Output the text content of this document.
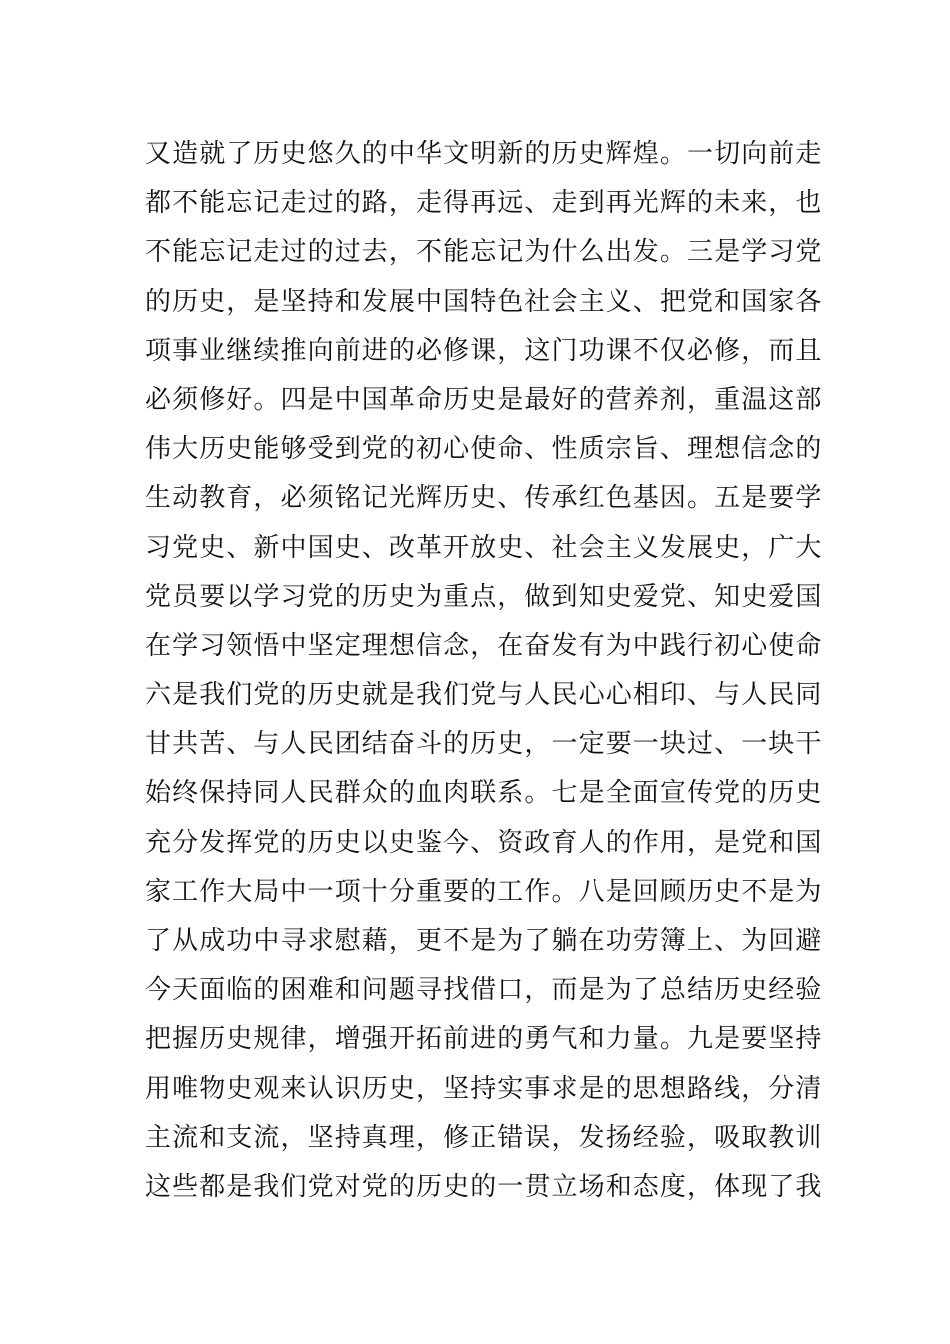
又造就了历史悠久的中华文明新的历史辉煌。一切向前走
都不能忘记走过的路，走得再远、走到再光辉的未来，也
不能忘记走过的过去，不能忘记为什么出发。三是学习党
的历史，是坚持和发展中国特色社会主义、把党和国家各
项事业继续推向前进的必修课，这门功课不仅必修，而且
必须修好。四是中国革命历史是最好的营养剂，重温这部
伟大历史能够受到党的初心使命、性质宗旨、理想信念的
生动教育，必须铭记光辉历史、传承红色基因。五是要学
习党史、新中国史、改革开放史、社会主义发展史，广大
党员要以学习党的历史为重点，做到知史爱党、知史爱国
在学习领悟中坚定理想信念，在奋发有为中践行初心使命
六是我们党的历史就是我们党与人民心心相印、与人民同
甘共苦、与人民团结奋斗的历史，一定要一块过、一块干
始终保持同人民群众的血肉联系。七是全面宣传党的历史
充分发挥党的历史以史鉴今、资政育人的作用，是党和国
家工作大局中一项十分重要的工作。八是回顾历史不是为
了从成功中寻求慰藉，更不是为了躺在功劳簿上、为回避
今天面临的困难和问题寻找借口，而是为了总结历史经验
把握历史规律，增强开拓前进的勇气和力量。九是要坚持
用唯物史观来认识历史，坚持实事求是的思想路线，分清
主流和支流，坚持真理，修正错误，发扬经验，吸取教训
这些都是我们党对党的历史的一贯立场和态度，体现了我
